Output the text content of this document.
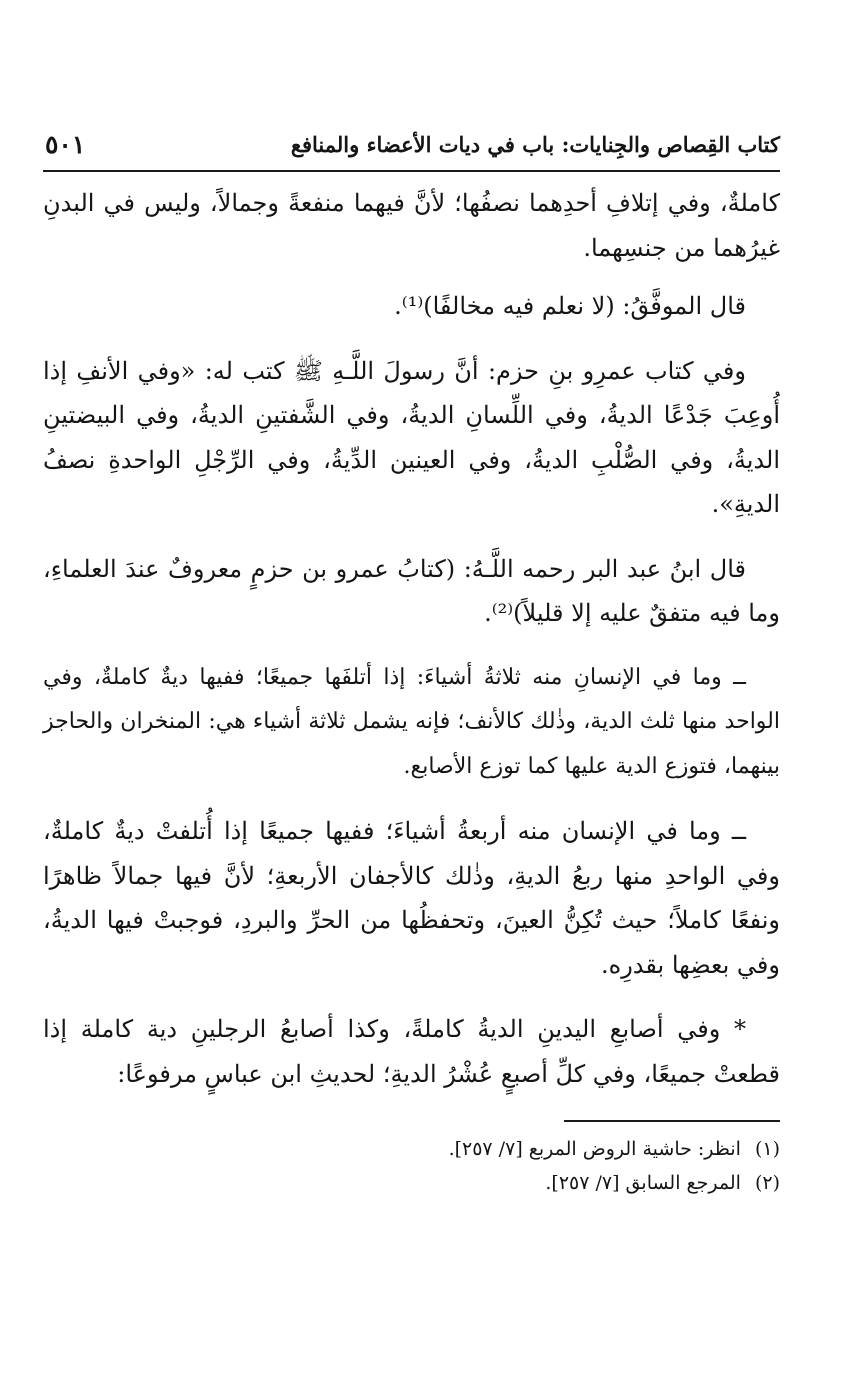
كتاب القِصاص والجِنايات: باب في ديات الأعضاء والمنافع
٥٠١

كاملةٌ، وفي إتلافِ أحدِهما نصفُها؛ لأنَّ فيهما منفعةً وجمالاً، وليس في البدنِ غيرُهما من جنسِهما.

قال الموفَّقُ: (لا نعلم فيه مخالفًا)⁽¹⁾.

وفي كتاب عمرِو بنِ حزم: أنَّ رسولَ اللَّـهِ ﷺ كتب له: «وفي الأنفِ إذا أُوعِبَ جَدْعًا الديةُ، وفي اللِّسانِ الديةُ، وفي الشَّفتينِ الديةُ، وفي البيضتينِ الديةُ، وفي الصُّلْبِ الديةُ، وفي العينين الدِّيةُ، وفي الرِّجْلِ الواحدةِ نصفُ الديةِ».

قال ابنُ عبد البر رحمه اللَّـهُ: (كتابُ عمرو بن حزمٍ معروفٌ عندَ العلماءِ، وما فيه متفقٌ عليه إلا قليلاً)⁽²⁾.

ــ وما في الإنسانِ منه ثلاثةُ أشياءَ: إذا أتلفَها جميعًا؛ ففيها ديةٌ كاملةٌ، وفي الواحد منها ثلث الدية، وذٰلك كالأنف؛ فإنه يشمل ثلاثة أشياء هي: المنخران والحاجز بينهما، فتوزع الدية عليها كما توزع الأصابع.

ــ وما في الإنسان منه أربعةُ أشياءَ؛ ففيها جميعًا إذا أُتلفتْ ديةٌ كاملةٌ، وفي الواحدِ منها ربعُ الديةِ، وذٰلك كالأجفان الأربعةِ؛ لأنَّ فيها جمالاً ظاهرًا ونفعًا كاملاً؛ حيث تُكِنُّ العينَ، وتحفظُها من الحرِّ والبردِ، فوجبتْ فيها الديةُ، وفي بعضِها بقدرِه.

* وفي أصابعِ اليدينِ الديةُ كاملةً، وكذا أصابعُ الرجلينِ دية كاملة إذا قطعتْ جميعًا، وفي كلِّ أصبعٍ عُشْرُ الديةِ؛ لحديثِ ابن عباسٍ مرفوعًا:

(١)انظر: حاشية الروض المربع [٧/ ٢٥٧].

(٢)المرجع السابق [٧/ ٢٥٧].
